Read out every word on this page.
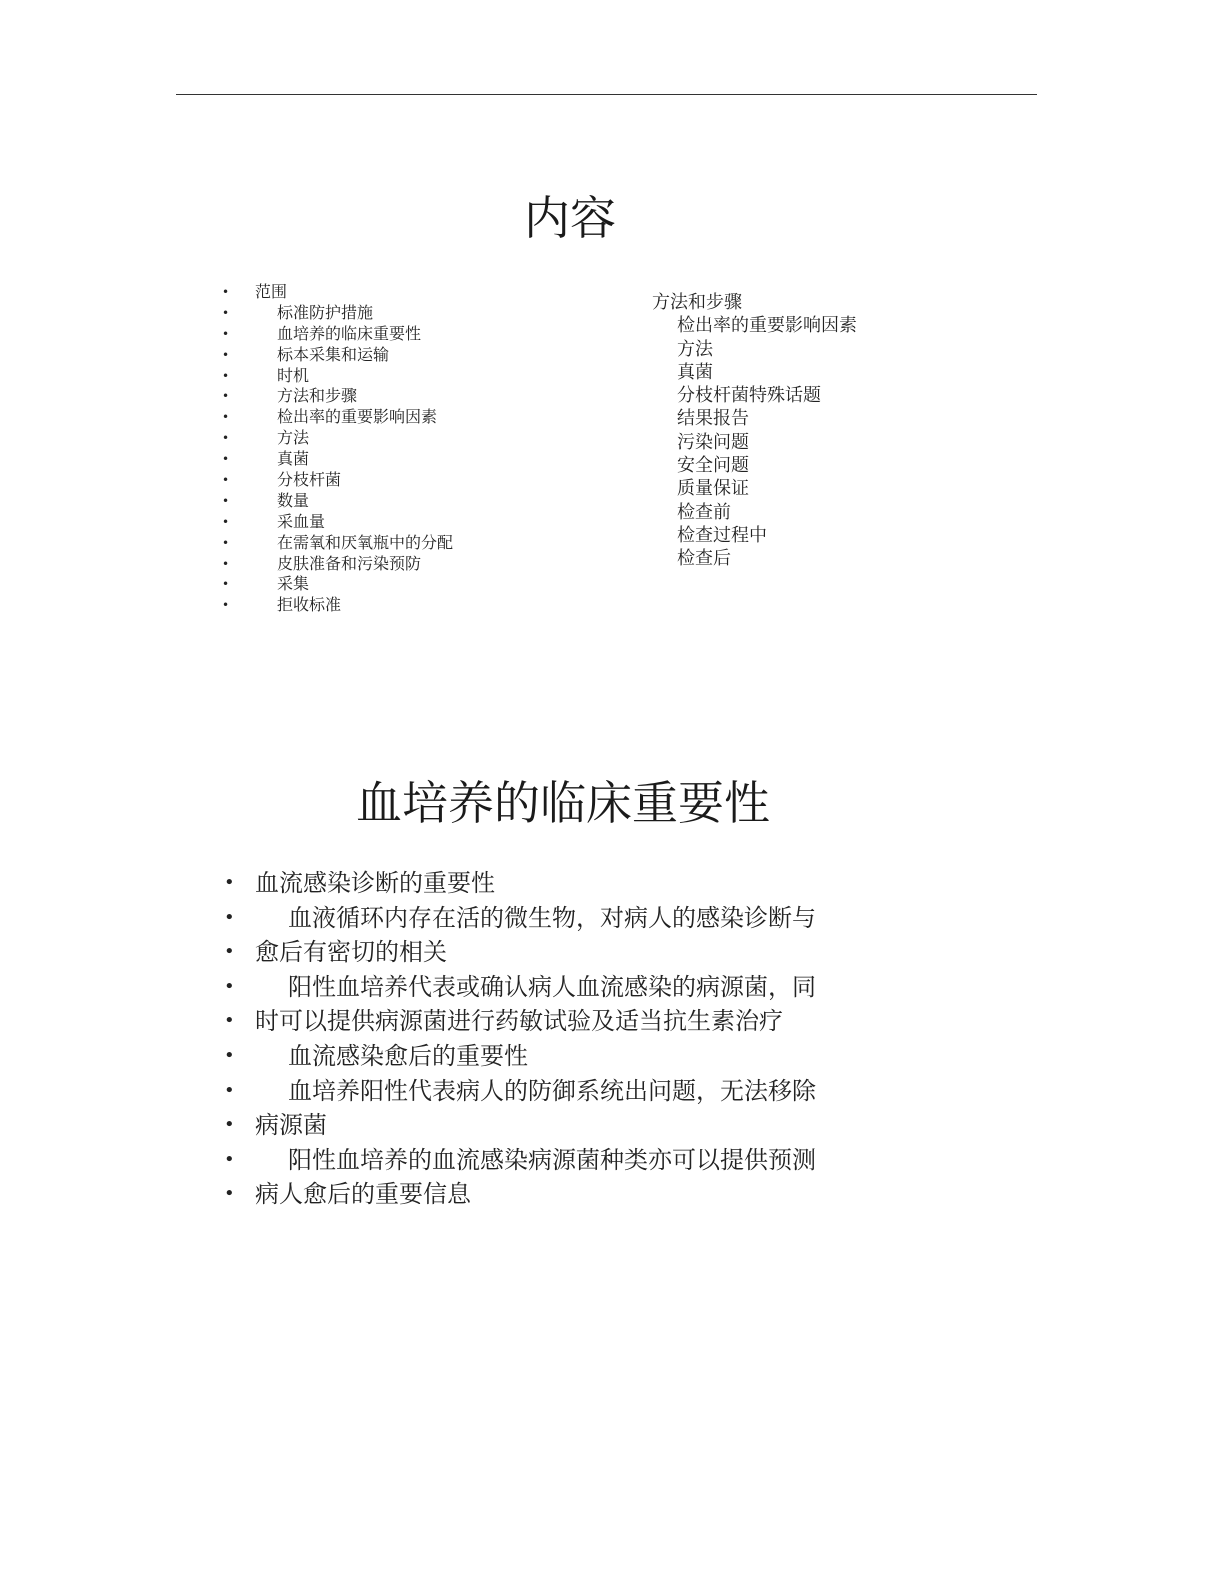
内容
• 范围
• 标准防护措施
• 血培养的临床重要性
• 标本采集和运输
• 时机
• 方法和步骤
• 检出率的重要影响因素
• 方法
• 真菌
• 分枝杆菌
• 数量
• 采血量
• 在需氧和厌氧瓶中的分配
• 皮肤准备和污染预防
• 采集
• 拒收标准
方法和步骤
检出率的重要影响因素
方法
真菌
分枝杆菌特殊话题
结果报告
污染问题
安全问题
质量保证
检查前
检查过程中
检查后
血培养的临床重要性
• 血流感染诊断的重要性
• 血液循环内存在活的微生物，对病人的感染诊断与
• 愈后有密切的相关
• 阳性血培养代表或确认病人血流感染的病源菌，同
• 时可以提供病源菌进行药敏试验及适当抗生素治疗
• 血流感染愈后的重要性
• 血培养阳性代表病人的防御系统出问题，无法移除
• 病源菌
• 阳性血培养的血流感染病源菌种类亦可以提供预测
• 病人愈后的重要信息
